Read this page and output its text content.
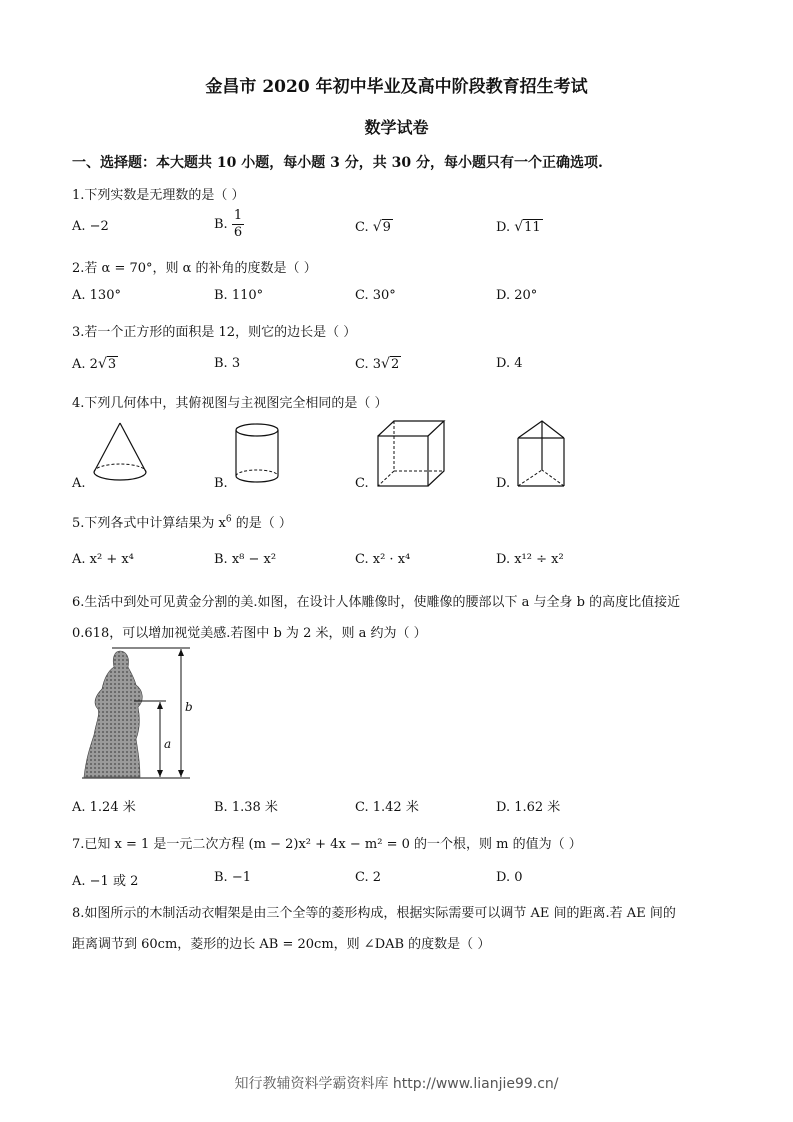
金昌市 2020 年初中毕业及高中阶段教育招生考试
数学试卷
一、选择题：本大题共 10 小题，每小题 3 分，共 30 分，每小题只有一个正确选项.
1.下列实数是无理数的是（ ）
A. −2	B. $\frac{1}{6}$	C. √9	D. √11
2.若 α = 70°，则 α 的补角的度数是（ ）
A. 130°	B. 110°	C. 30°	D. 20°
3.若一个正方形的面积是 12，则它的边长是（ ）
A. 2√3	B. 3	C. 3√2	D. 4
4.下列几何体中，其俯视图与主视图完全相同的是（ ）
A.	B.	C.	D.
5.下列各式中计算结果为 $x^6$ 的是（ ）
A. x² + x⁴	B. x⁸ − x²	C. x² · x⁴	D. x¹² ÷ x²
6.生活中到处可见黄金分割的美.如图，在设计人体雕像时，使雕像的腰部以下 a 与全身 b 的高度比值接近
0.618，可以增加视觉美感.若图中 b 为 2 米，则 a 约为（ ）
b
a
A. 1.24 米	B. 1.38 米	C. 1.42 米	D. 1.62 米
7.已知 x = 1 是一元二次方程 (m − 2)x² + 4x − m² = 0 的一个根，则 m 的值为（ ）
A. −1 或 2	B. −1	C. 2	D. 0
8.如图所示的木制活动衣帽架是由三个全等的菱形构成，根据实际需要可以调节 AE 间的距离.若 AE 间的
距离调节到 60cm，菱形的边长 AB = 20cm，则 ∠DAB 的度数是（ ）
知行教辅资料学霸资料库 http://www.lianjie99.cn/
